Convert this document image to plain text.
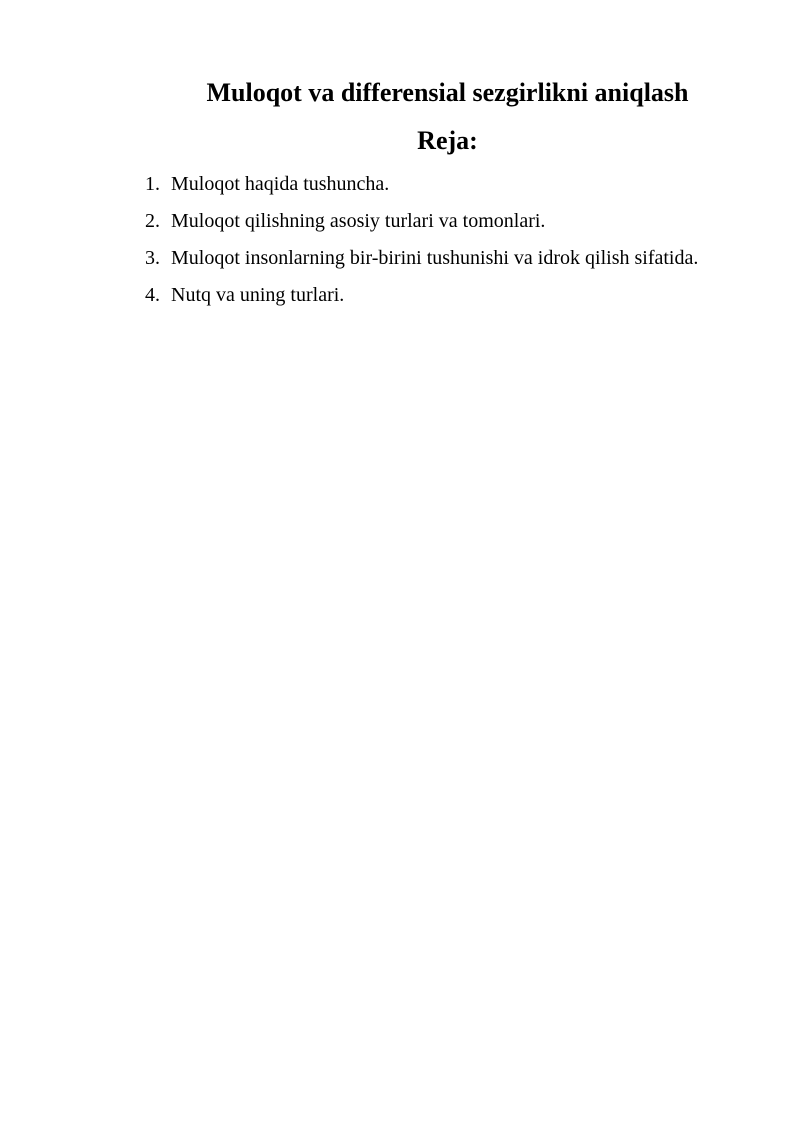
Muloqot va differensial sezgirlikni aniqlash
Reja:
1. Muloqot haqida tushuncha.
2. Muloqot qilishning asosiy turlari va tomonlari.
3. Muloqot insonlarning bir-birini tushunishi va idrok qilish sifatida.
4. Nutq va uning turlari.
